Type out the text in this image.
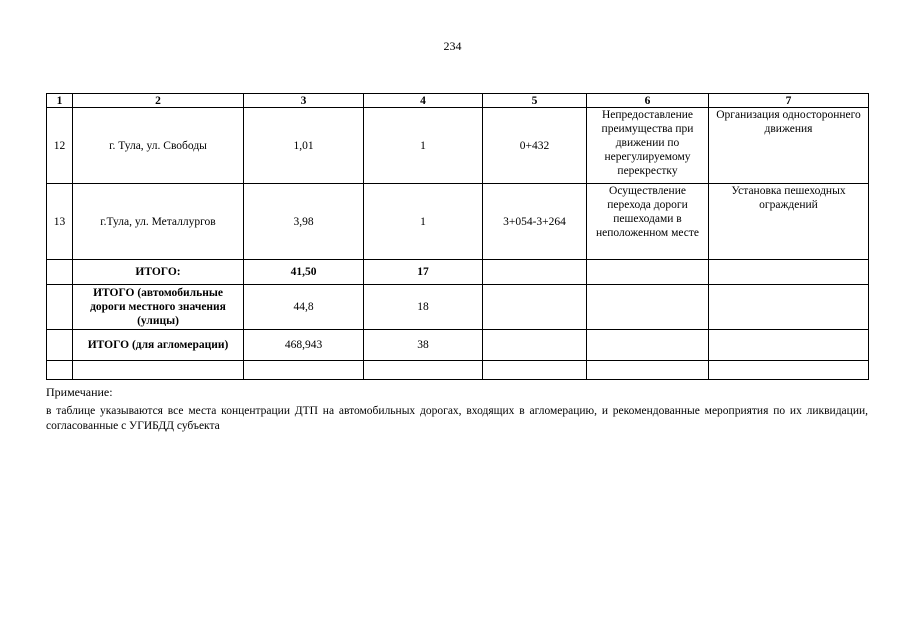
234
1	2	3	4	5	6	7
12	г. Тула, ул. Свободы	1,01	1	0+432	Непредоставление преимущества при движении по нерегулируемому перекрестку	Организация одностороннего движения
13	г.Тула, ул. Металлургов	3,98	1	3+054-3+264	Осуществление перехода дороги пешеходами в неположенном месте	Установка пешеходных ограждений
	ИТОГО:	41,50	17			
	ИТОГО (автомобильные дороги местного значения (улицы)	44,8	18			
	ИТОГО (для агломерации)	468,943	38			

Примечание:
в таблице указываются все места концентрации ДТП на автомобильных дорогах, входящих в агломерацию, и рекомендованные мероприятия по их ликвидации, согласованные с УГИБДД субъекта
